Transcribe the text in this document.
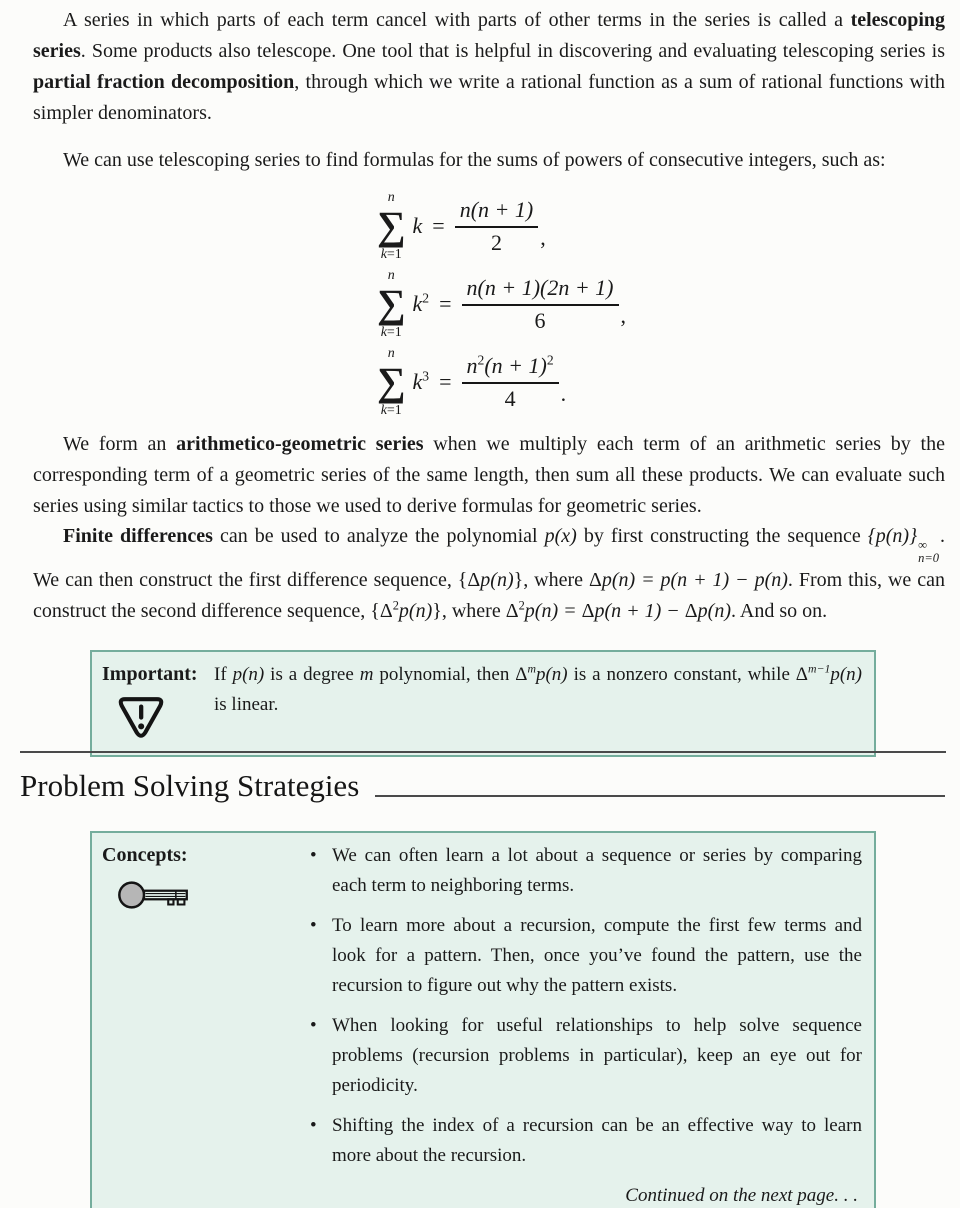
A series in which parts of each term cancel with parts of other terms in the series is called a telescoping series. Some products also telescope. One tool that is helpful in discovering and evaluating telescoping series is partial fraction decomposition, through which we write a rational function as a sum of rational functions with simpler denominators.

We can use telescoping series to find formulas for the sums of powers of consecutive integers, such as:

n
∑
k=1
$k = \frac{n(n + 1)}{2}$ ,
n
∑
k=1
$k^2 = \frac{n(n + 1)(2n + 1)}{6}$ ,
n
∑
k=1
$k^3 = \frac{n^2(n + 1)^2}{4}$ .

We form an arithmetico-geometric series when we multiply each term of an arithmetic series by the corresponding term of a geometric series of the same length, then sum all these products. We can evaluate such series using similar tactics to those we used to derive formulas for geometric series.

Finite differences can be used to analyze the polynomial p(x) by first constructing the sequence {p(n)} ∞
n=0
. We can then construct the first difference sequence, {Δp(n)}, where Δp(n) = p(n + 1) − p(n). From this, we can construct the second difference sequence, $\{\Delta^2p(n)\}$, where $\Delta^2p(n) = \Delta p(n + 1) - \Delta p(n)$. And so on.

Important: If p(n) is a degree m polynomial, then $\Delta^mp(n)$ is a nonzero constant, while $\Delta^{m-1}p(n)$ is linear.
Problem Solving Strategies
Concepts:	• We can often learn a lot about a sequence or series by comparing each term to neighboring terms.
• To learn more about a recursion, compute the first few terms and look for a pattern. Then, once you’ve found the pattern, use the recursion to figure out why the pattern exists.
• When looking for useful relationships to help solve sequence problems (recursion problems in particular), keep an eye out for periodicity.
• Shifting the index of a recursion can be an effective way to learn more about the recursion.
Continued on the next page. . .
